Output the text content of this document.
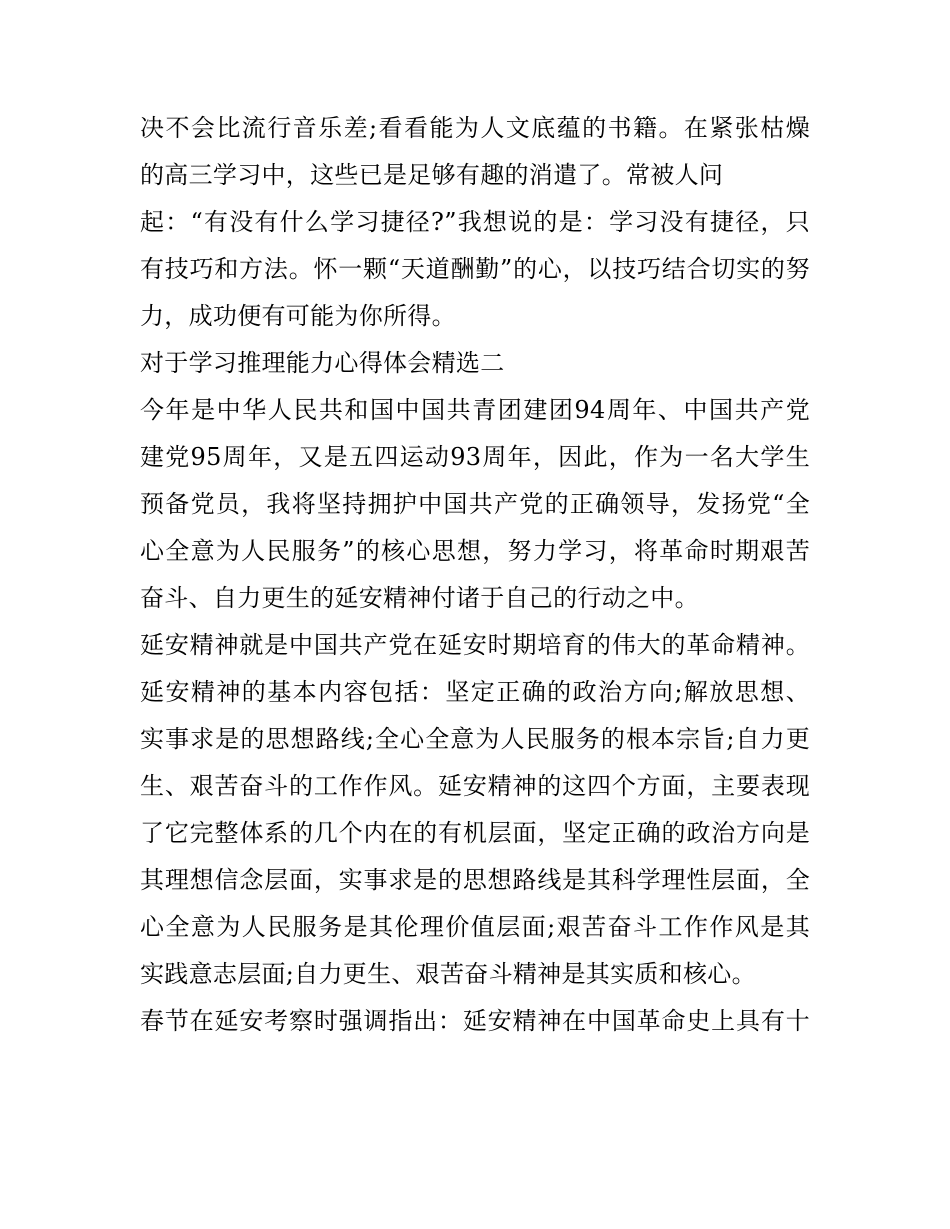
决不会比流行音乐差;看看能为人文底蕴的书籍。在紧张枯燥
的高三学习中，这些已是足够有趣的消遣了。常被人问
起：“有没有什么学习捷径?”我想说的是：学习没有捷径，只
有技巧和方法。怀一颗“天道酬勤”的心，以技巧结合切实的努
力，成功便有可能为你所得。
对于学习推理能力心得体会精选二
今年是中华人民共和国中国共青团建团94周年、中国共产党
建党95周年，又是五四运动93周年，因此，作为一名大学生
预备党员，我将坚持拥护中国共产党的正确领导，发扬党“全
心全意为人民服务”的核心思想，努力学习，将革命时期艰苦
奋斗、自力更生的延安精神付诸于自己的行动之中。
延安精神就是中国共产党在延安时期培育的伟大的革命精神。
延安精神的基本内容包括：坚定正确的政治方向;解放思想、
实事求是的思想路线;全心全意为人民服务的根本宗旨;自力更
生、艰苦奋斗的工作作风。延安精神的这四个方面，主要表现
了它完整体系的几个内在的有机层面，坚定正确的政治方向是
其理想信念层面，实事求是的思想路线是其科学理性层面，全
心全意为人民服务是其伦理价值层面;艰苦奋斗工作作风是其
实践意志层面;自力更生、艰苦奋斗精神是其实质和核心。
春节在延安考察时强调指出：延安精神在中国革命史上具有十
